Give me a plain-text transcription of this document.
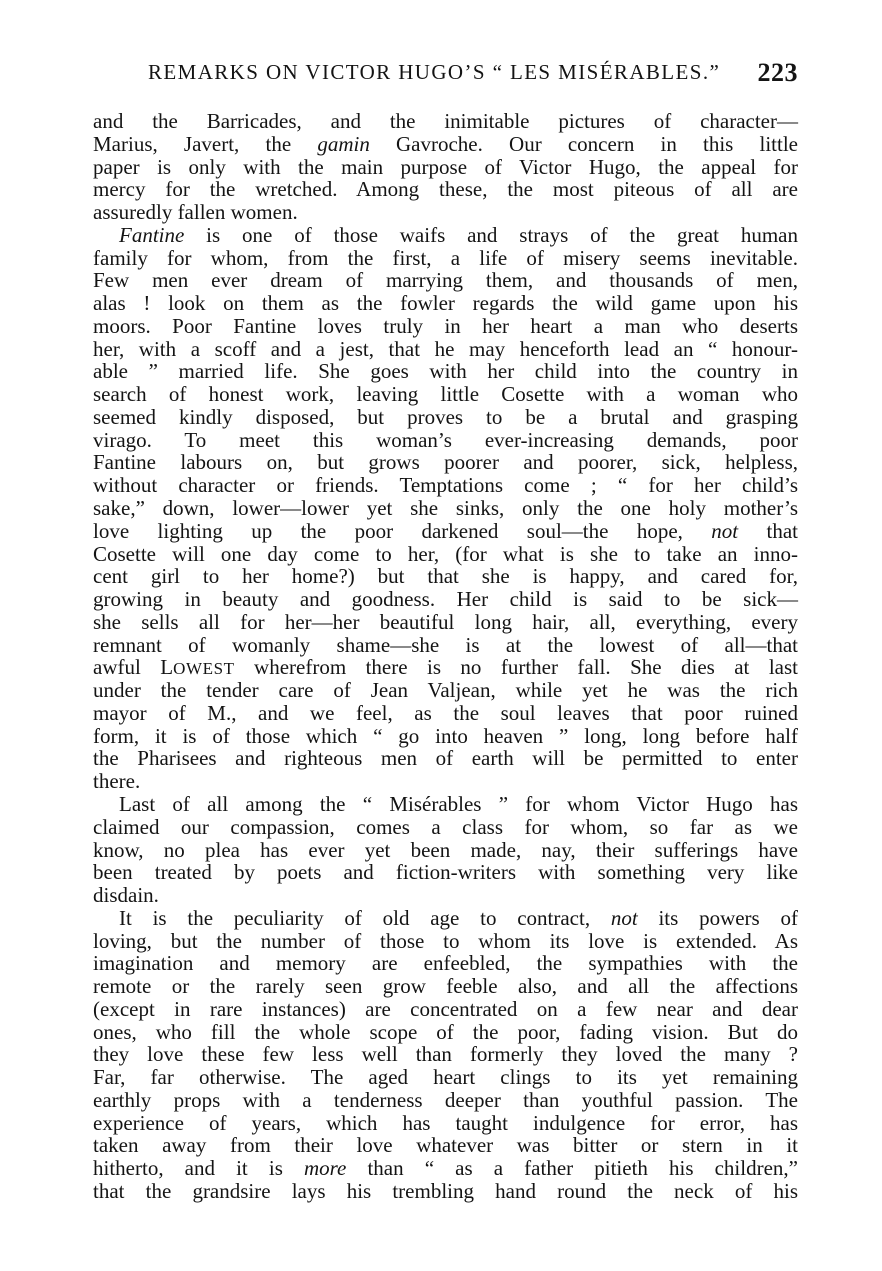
REMARKS ON VICTOR HUGO’S “ LES MISÉRABLES.” 223
and the Barricades, and the inimitable pictures of character—
Marius, Javert, the gamin Gavroche. Our concern in this little
paper is only with the main purpose of Victor Hugo, the appeal for
mercy for the wretched. Among these, the most piteous of all are
assuredly fallen women.
Fantine is one of those waifs and strays of the great human
family for whom, from the first, a life of misery seems inevitable.
Few men ever dream of marrying them, and thousands of men,
alas ! look on them as the fowler regards the wild game upon his
moors. Poor Fantine loves truly in her heart a man who deserts
her, with a scoff and a jest, that he may henceforth lead an “ honour-
able ” married life. She goes with her child into the country in
search of honest work, leaving little Cosette with a woman who
seemed kindly disposed, but proves to be a brutal and grasping
virago. To meet this woman’s ever-increasing demands, poor
Fantine labours on, but grows poorer and poorer, sick, helpless,
without character or friends. Temptations come ; “ for her child’s
sake,” down, lower—lower yet she sinks, only the one holy mother’s
love lighting up the poor darkened soul—the hope, not that
Cosette will one day come to her, (for what is she to take an inno-
cent girl to her home?) but that she is happy, and cared for,
growing in beauty and goodness. Her child is said to be sick—
she sells all for her—her beautiful long hair, all, everything, every
remnant of womanly shame—she is at the lowest of all—that
awful LOWEST wherefrom there is no further fall. She dies at last
under the tender care of Jean Valjean, while yet he was the rich
mayor of M., and we feel, as the soul leaves that poor ruined
form, it is of those which “ go into heaven ” long, long before half
the Pharisees and righteous men of earth will be permitted to enter
there.
Last of all among the “ Misérables ” for whom Victor Hugo has
claimed our compassion, comes a class for whom, so far as we
know, no plea has ever yet been made, nay, their sufferings have
been treated by poets and fiction-writers with something very like
disdain.
It is the peculiarity of old age to contract, not its powers of
loving, but the number of those to whom its love is extended. As
imagination and memory are enfeebled, the sympathies with the
remote or the rarely seen grow feeble also, and all the affections
(except in rare instances) are concentrated on a few near and dear
ones, who fill the whole scope of the poor, fading vision. But do
they love these few less well than formerly they loved the many ?
Far, far otherwise. The aged heart clings to its yet remaining
earthly props with a tenderness deeper than youthful passion. The
experience of years, which has taught indulgence for error, has
taken away from their love whatever was bitter or stern in it
hitherto, and it is more than “ as a father pitieth his children,”
that the grandsire lays his trembling hand round the neck of his
